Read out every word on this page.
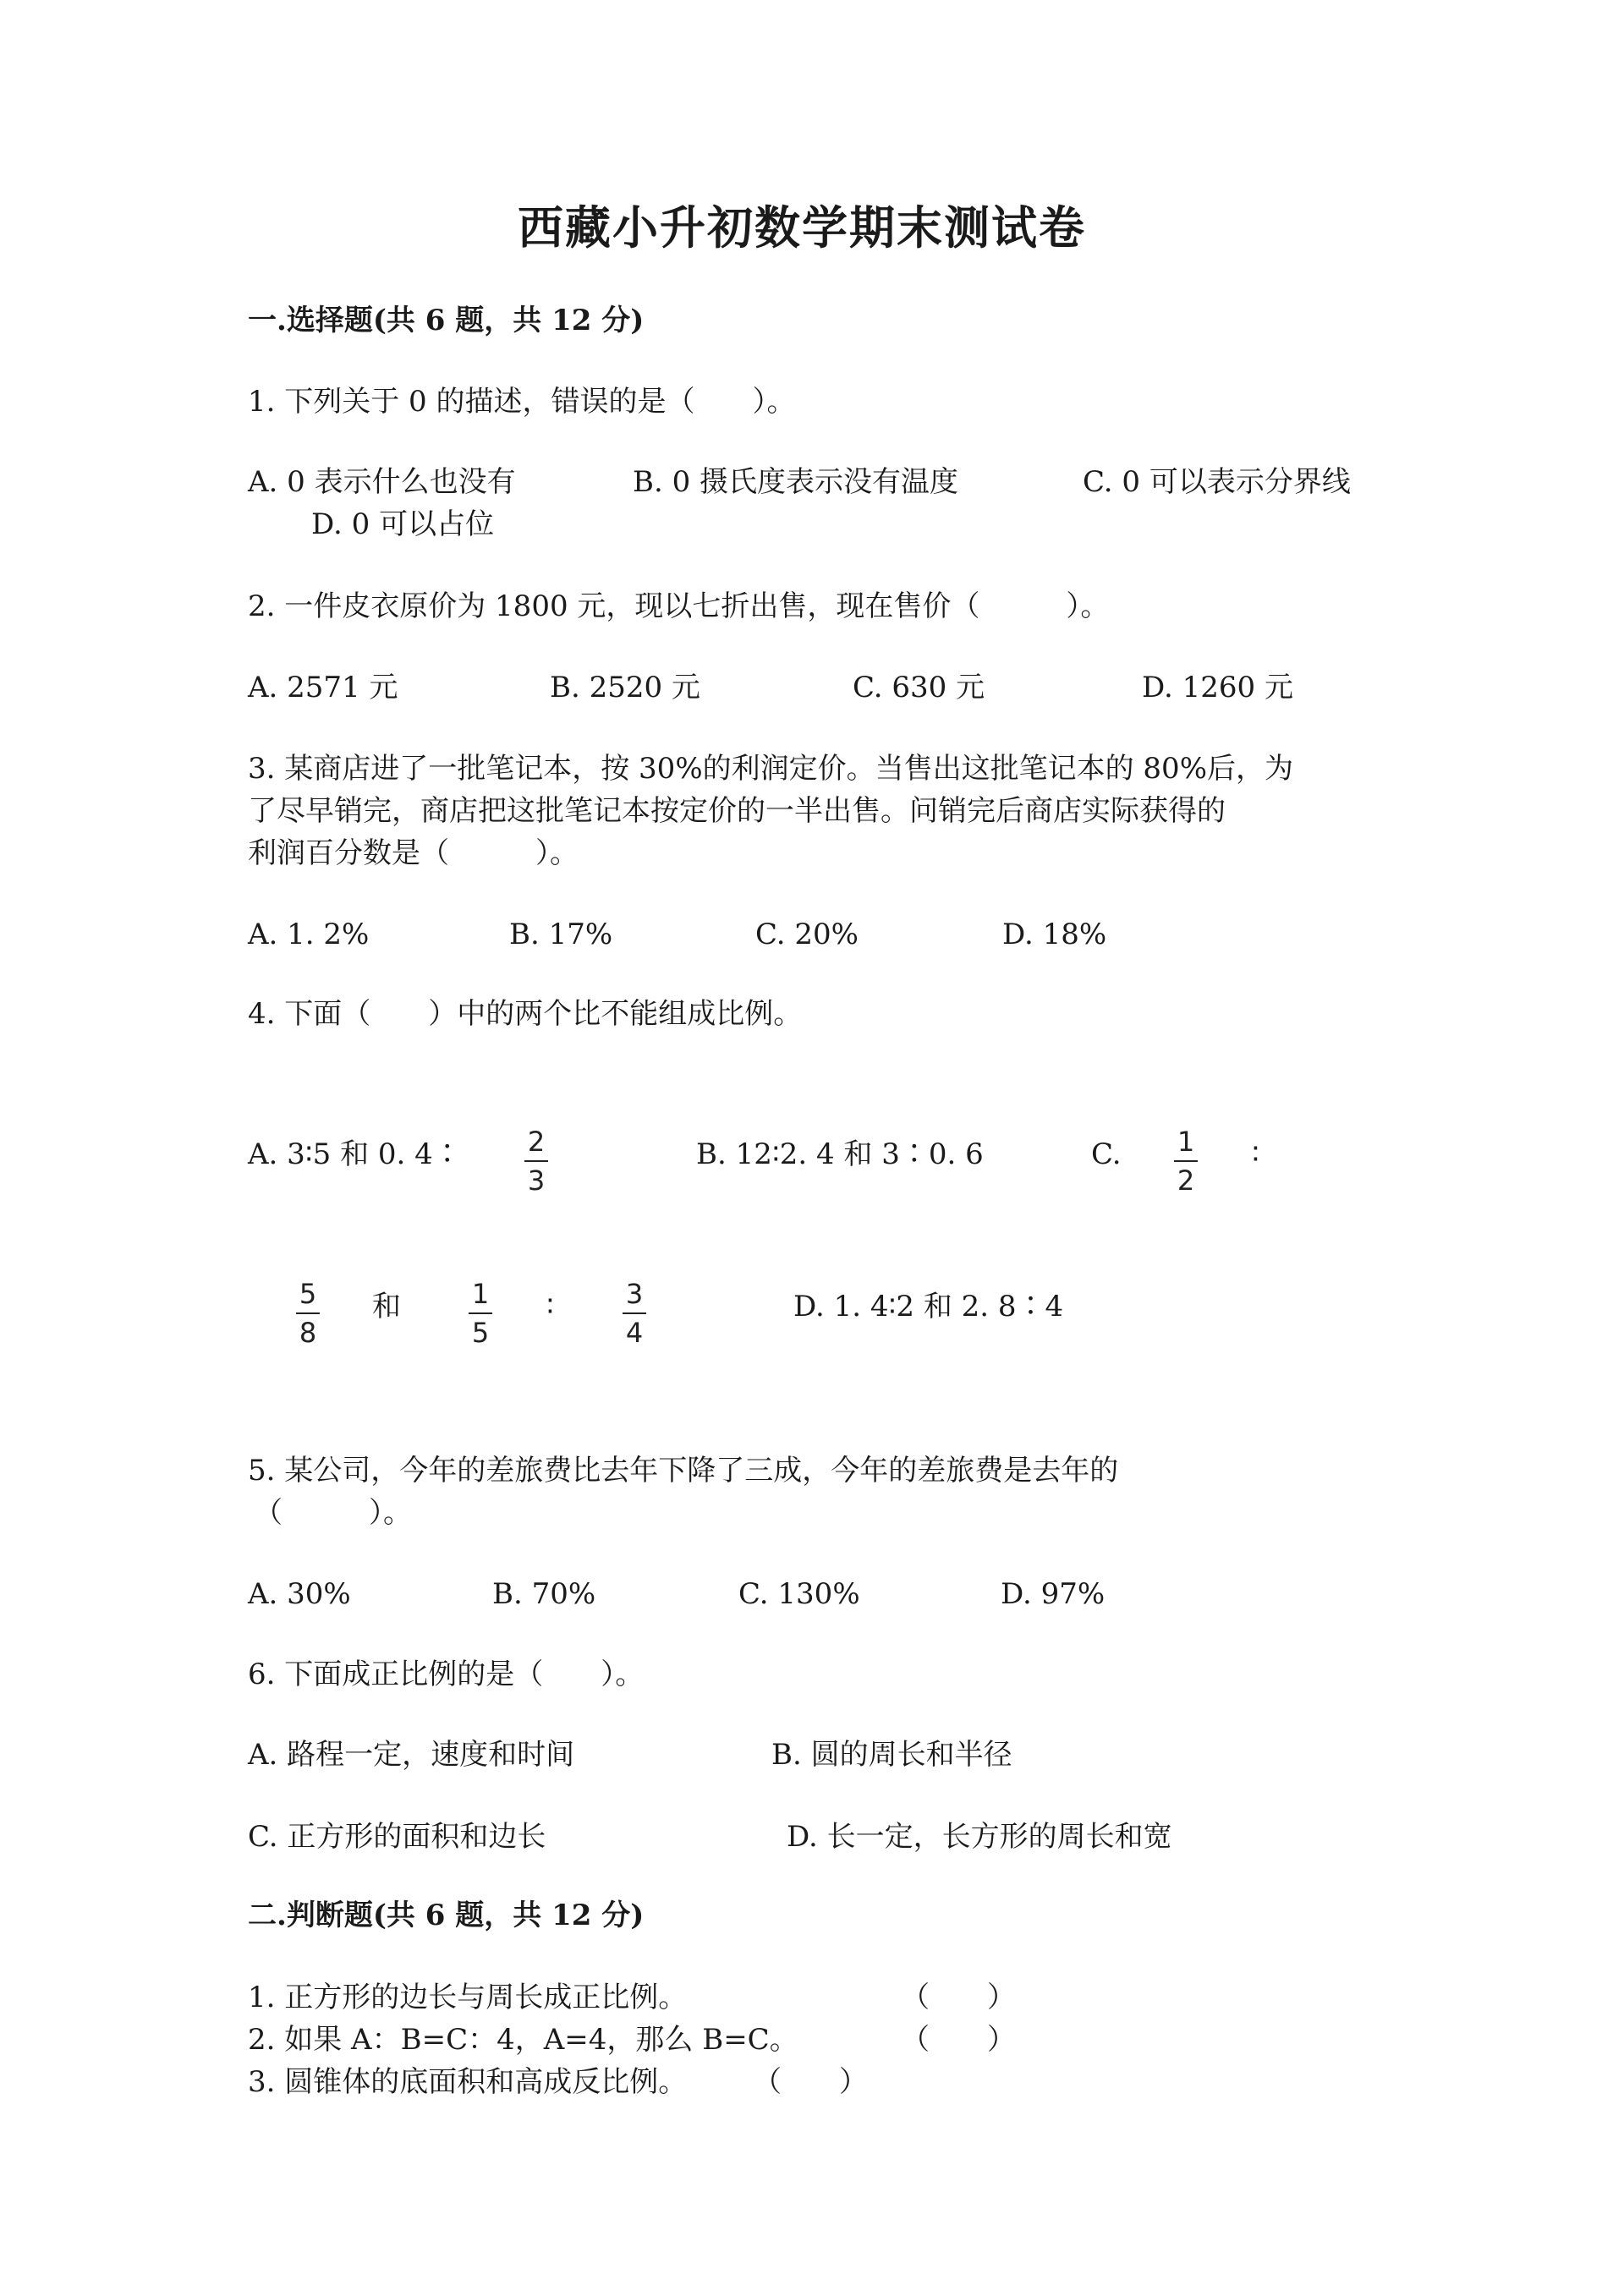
西藏小升初数学期末测试卷
一.选择题(共 6 题，共 12 分)
1. 下列关于 0 的描述，错误的是（　　）。
A. 0 表示什么也没有	B. 0 摄氏度表示没有温度	C. 0 可以表示分界线
D. 0 可以占位
2. 一件皮衣原价为 1800 元，现以七折出售，现在售价（　　　）。
A. 2571 元	B. 2520 元	C. 630 元	D. 1260 元
3. 某商店进了一批笔记本，按 30%的利润定价。当售出这批笔记本的 80%后，为
了尽早销完，商店把这批笔记本按定价的一半出售。问销完后商店实际获得的
利润百分数是（　　　）。
A. 1. 2%	B. 17%	C. 20%	D. 18%
4. 下面（　　）中的两个比不能组成比例。
A. 3∶5 和 0. 4∶ 2
3
B. 12∶2. 4 和 3∶0. 6	C. 1
2
∶
5
8
和	1
5
∶	3
4
D. 1. 4∶2 和 2. 8∶4
5. 某公司，今年的差旅费比去年下降了三成，今年的差旅费是去年的
（　　　）。
A. 30%	B. 70%	C. 130%	D. 97%
6. 下面成正比例的是（　　）。
A. 路程一定，速度和时间	B. 圆的周长和半径
C. 正方形的面积和边长	D. 长一定，长方形的周长和宽
二.判断题(共 6 题，共 12 分)
1. 正方形的边长与周长成正比例。	（　　）
2. 如果 A：B=C：4，A=4，那么 B=C。	（　　）
3. 圆锥体的底面积和高成反比例。 （　　）
